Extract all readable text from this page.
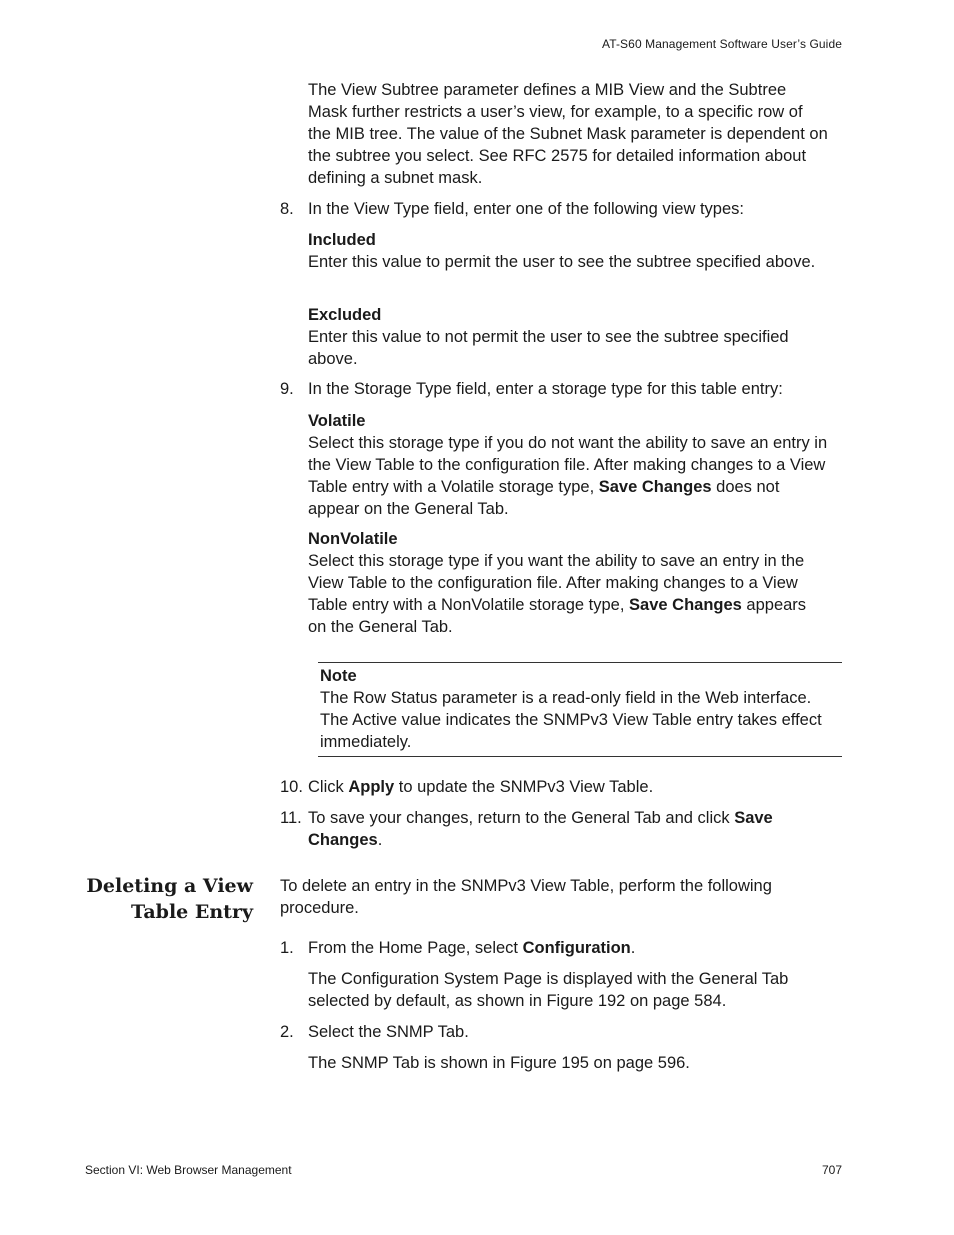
AT-S60 Management Software User’s Guide

The View Subtree parameter defines a MIB View and the Subtree Mask further restricts a user’s view, for example, to a specific row of the MIB tree. The value of the Subnet Mask parameter is dependent on the subtree you select. See RFC 2575 for detailed information about defining a subnet mask.

8. In the View Type field, enter one of the following view types:

Included
Enter this value to permit the user to see the subtree specified above.

Excluded
Enter this value to not permit the user to see the subtree specified above.

9. In the Storage Type field, enter a storage type for this table entry:

Volatile
Select this storage type if you do not want the ability to save an entry in the View Table to the configuration file. After making changes to a View Table entry with a Volatile storage type, Save Changes does not appear on the General Tab.

NonVolatile
Select this storage type if you want the ability to save an entry in the View Table to the configuration file. After making changes to a View Table entry with a NonVolatile storage type, Save Changes appears on the General Tab.

Note
The Row Status parameter is a read-only field in the Web interface. The Active value indicates the SNMPv3 View Table entry takes effect immediately.
10. Click Apply to update the SNMPv3 View Table.
11. To save your changes, return to the General Tab and click Save Changes.
Deleting a View
Table Entry

To delete an entry in the SNMPv3 View Table, perform the following procedure.

1. From the Home Page, select Configuration.

The Configuration System Page is displayed with the General Tab selected by default, as shown in Figure 192 on page 584.

2. Select the SNMP Tab.

The SNMP Tab is shown in Figure 195 on page 596.

Section VI: Web Browser Management	707
